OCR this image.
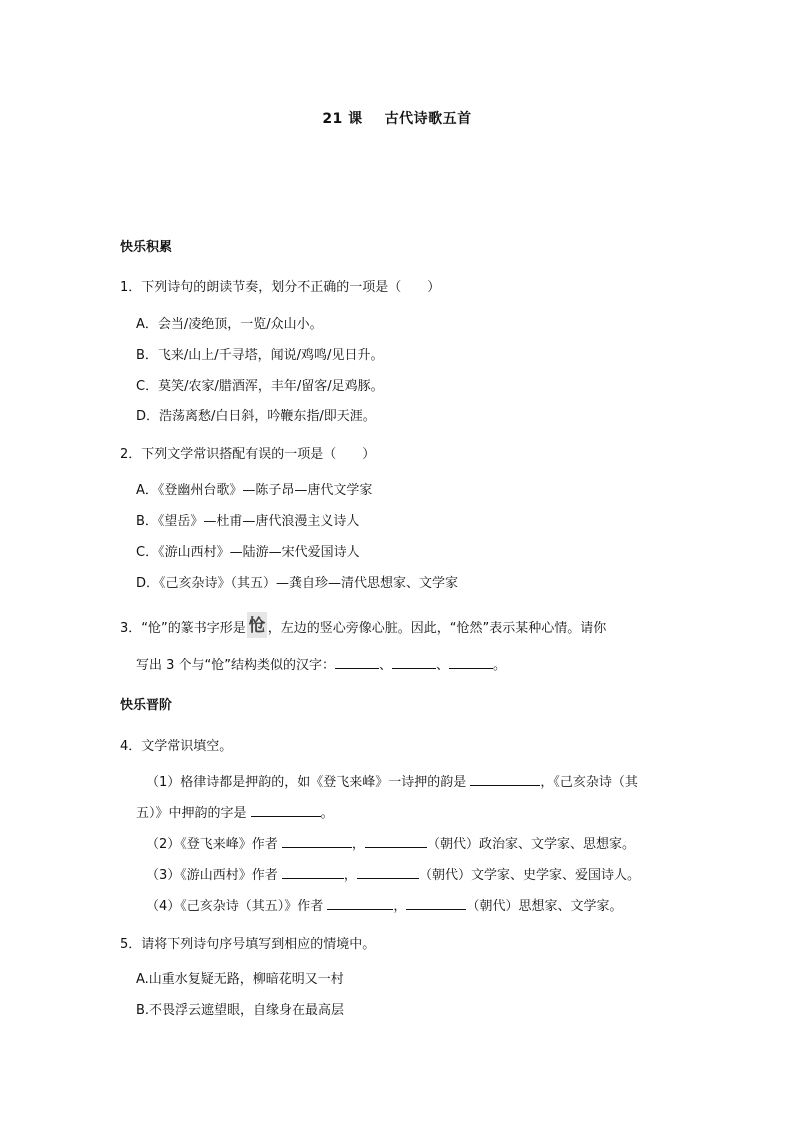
21 课 古代诗歌五首
快乐积累
1．下列诗句的朗读节奏，划分不正确的一项是（　　）
A．会当/凌绝顶，一览/众山小。
B．飞来/山上/千寻塔，闻说/鸡鸣/见日升。
C．莫笑/农家/腊酒浑，丰年/留客/足鸡豚。
D．浩荡离愁/白日斜，吟鞭东指/即天涯。
2．下列文学常识搭配有误的一项是（　　）
A．《登幽州台歌》—陈子昂—唐代文学家
B．《望岳》—杜甫—唐代浪漫主义诗人
C．《游山西村》—陆游—宋代爱国诗人
D．《己亥杂诗》（其五）—龚自珍—清代思想家、文学家
3．“怆”的篆书字形是 怆 ，左边的竖心旁像心脏。因此，“怆然”表示某种心情。请你
写出 3 个与“怆”结构类似的汉字：	、	、	。
快乐晋阶
4．文学常识填空。
（1）格律诗都是押韵的，如《登飞来峰》一诗押的韵是	，《己亥杂诗（其
五）》中押韵的字是	。
（2）《登飞来峰》作者	，	（朝代）政治家、文学家、思想家。
（3）《游山西村》作者	，	（朝代）文学家、史学家、爱国诗人。
（4）《己亥杂诗（其五）》作者	，	（朝代）思想家、文学家。
5．请将下列诗句序号填写到相应的情境中。
A.山重水复疑无路，柳暗花明又一村
B.不畏浮云遮望眼，自缘身在最高层
